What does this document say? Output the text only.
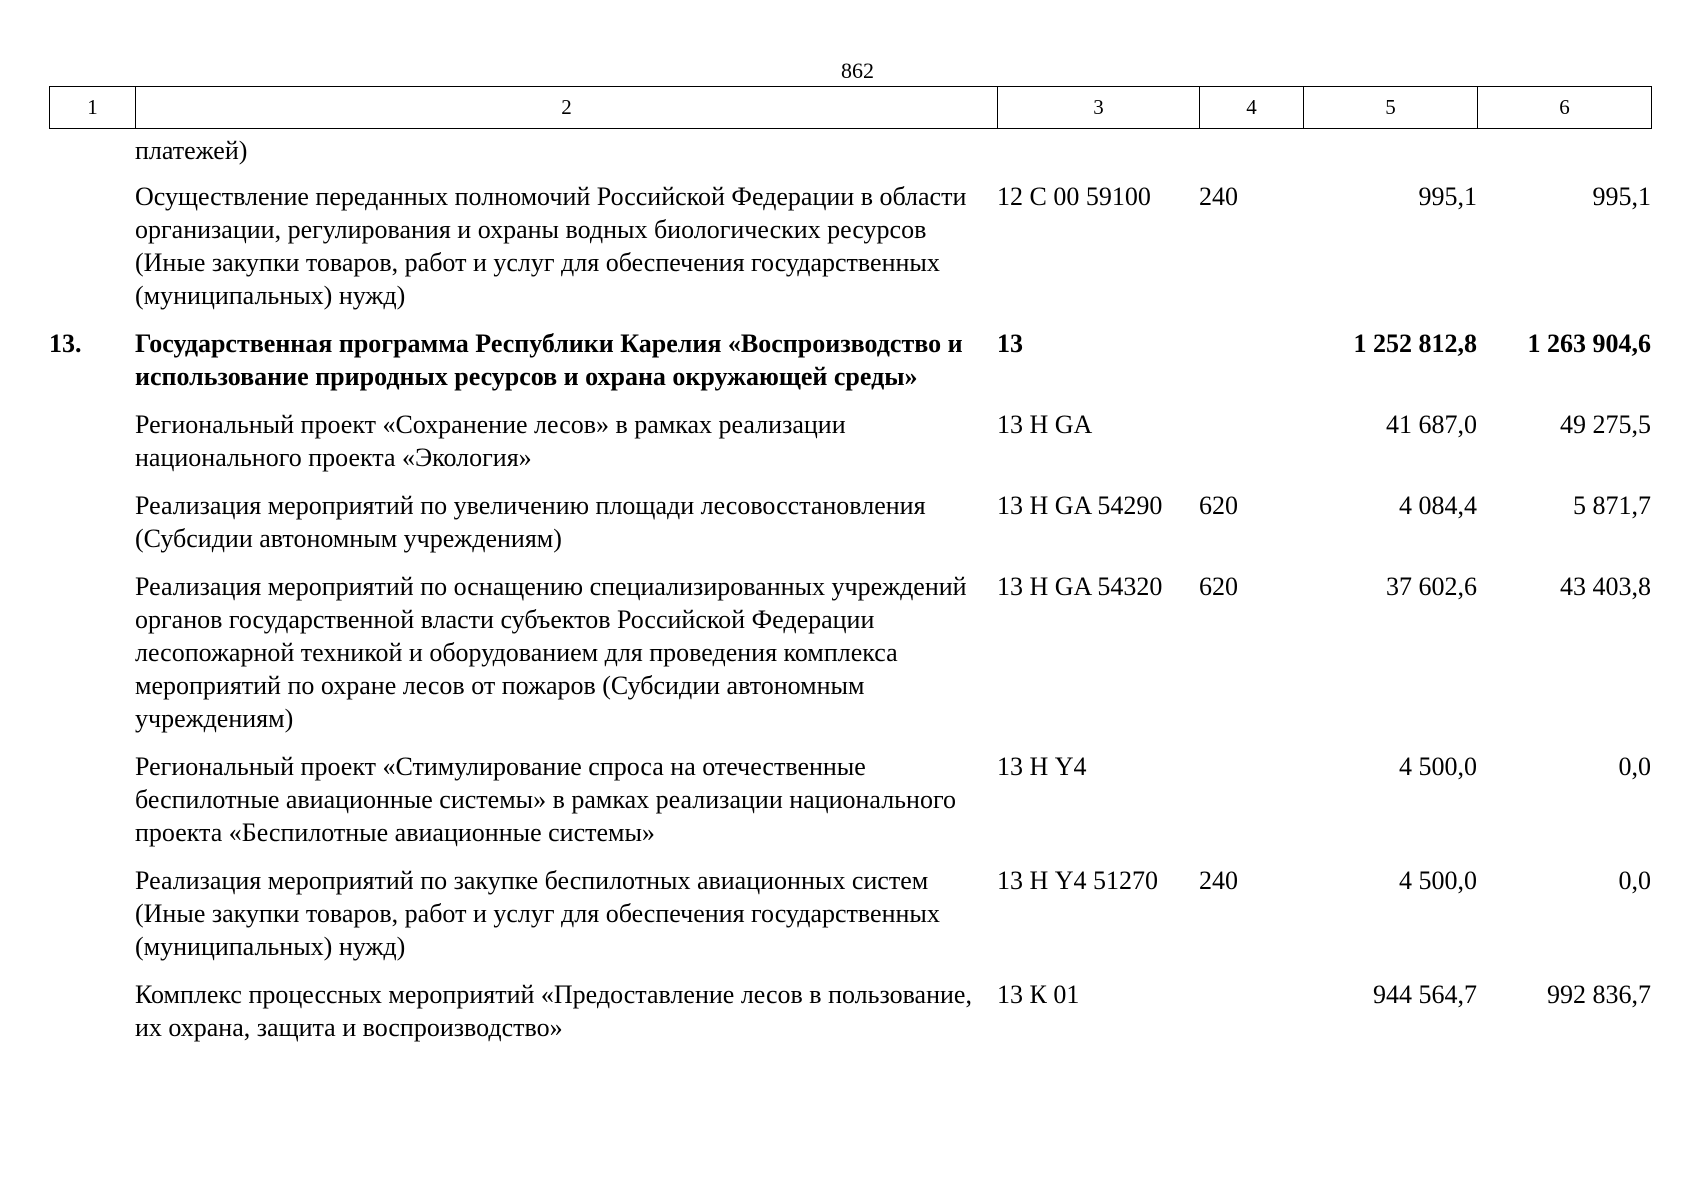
862
1	2	3	4	5	6
	платежей)				
	Осуществление переданных полномочий Российской Федерации в области организации, регулирования и охраны водных биологических ресурсов (Иные закупки товаров, работ и услуг для обеспечения государственных (муниципальных) нужд)	12 С 00 59100	240	995,1	995,1
13.	Государственная программа Республики Карелия «Воспроизводство и использование природных ресурсов и охрана окружающей среды»	13		1 252 812,8	1 263 904,6
	Региональный проект «Сохранение лесов» в рамках реализации национального проекта «Экология»	13 Н GA		41 687,0	49 275,5
	Реализация мероприятий по увеличению площади лесовосстановления (Субсидии автономным учреждениям)	13 Н GA 54290	620	4 084,4	5 871,7
	Реализация мероприятий по оснащению специализированных учреждений органов государственной власти субъектов Российской Федерации лесопожарной техникой и оборудованием для проведения комплекса мероприятий по охране лесов от пожаров (Субсидии автономным учреждениям)	13 Н GA 54320	620	37 602,6	43 403,8
	Региональный проект «Стимулирование спроса на отечественные беспилотные авиационные системы» в рамках реализации национального проекта «Беспилотные авиационные системы»	13 Н Y4		4 500,0	0,0
	Реализация мероприятий по закупке беспилотных авиационных систем (Иные закупки товаров, работ и услуг для обеспечения государственных (муниципальных) нужд)	13 Н Y4 51270	240	4 500,0	0,0
	Комплекс процессных мероприятий «Предоставление лесов в пользование, их охрана, защита и воспроизводство»	13 К 01		944 564,7	992 836,7
